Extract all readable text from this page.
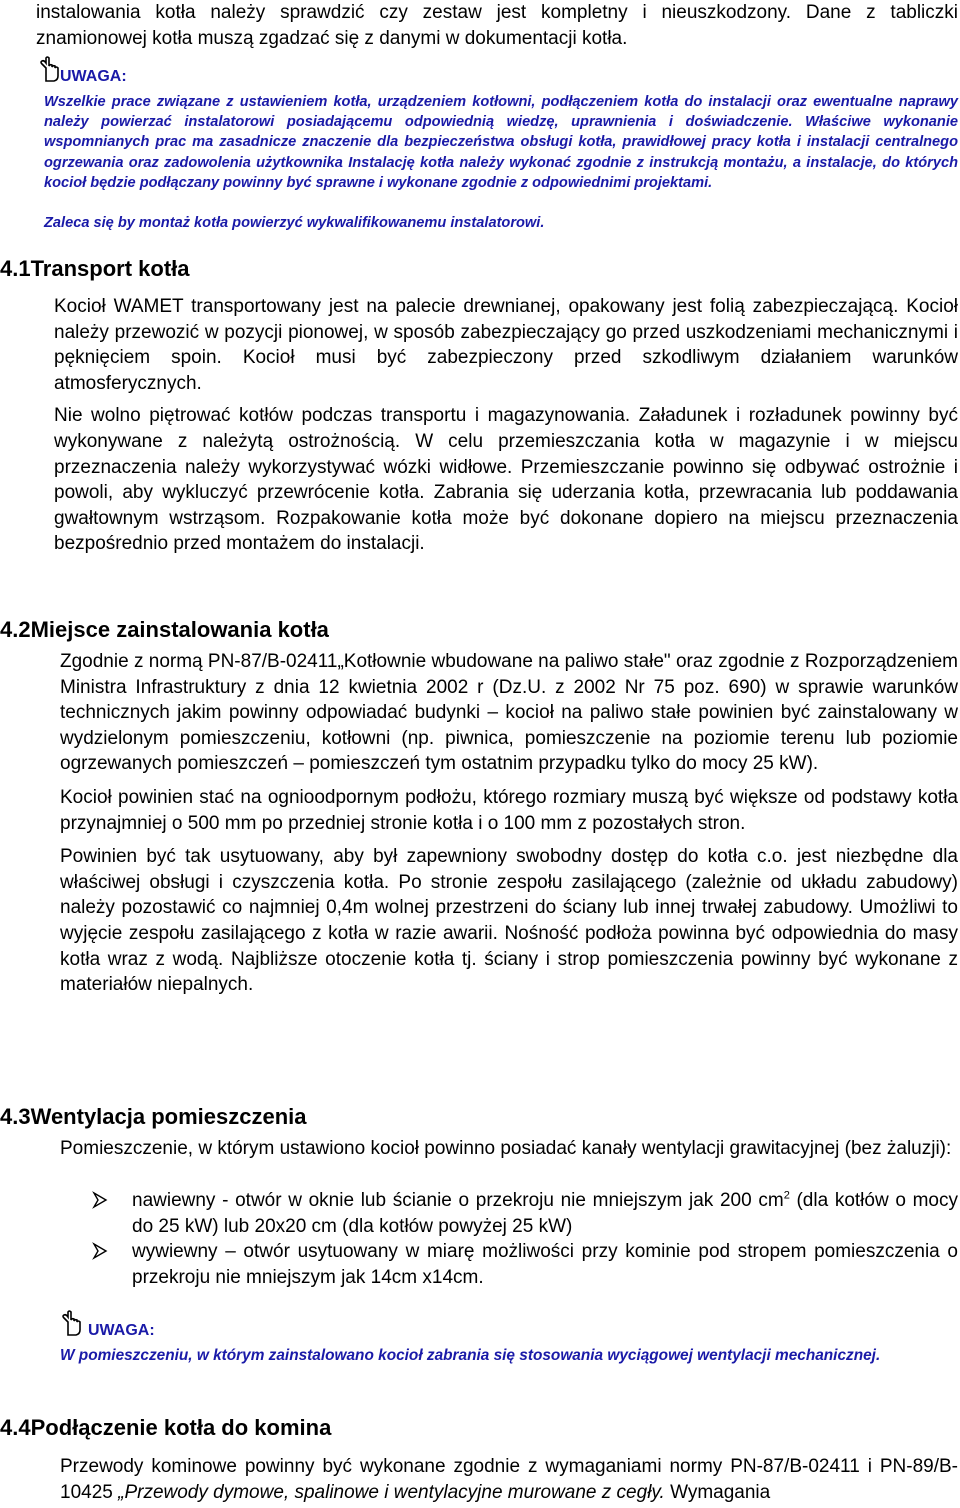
instalowania kotła należy sprawdzić czy zestaw jest kompletny i nieuszkodzony. Dane z tabliczki znamionowej kotła muszą zgadzać się z danymi w dokumentacji kotła.

UWAGA:

Wszelkie prace związane z ustawieniem kotła, urządzeniem kotłowni, podłączeniem kotła do instalacji oraz ewentualne naprawy należy powierzać instalatorowi posiadającemu odpowiednią wiedzę, uprawnienia i doświadczenie. Właściwe wykonanie wspomnianych prac ma zasadnicze znaczenie dla bezpieczeństwa obsługi kotła, prawidłowej pracy kotła i instalacji centralnego ogrzewania oraz zadowolenia użytkownika Instalację kotła należy wykonać zgodnie z instrukcją montażu, a instalacje, do których kocioł będzie podłączany powinny być sprawne i wykonane zgodnie z odpowiednimi projektami.

Zaleca się by montaż kotła powierzyć wykwalifikowanemu instalatorowi.

4.1Transport kotła

Kocioł WAMET transportowany jest na palecie drewnianej, opakowany jest folią zabezpieczającą. Kocioł należy przewozić w pozycji pionowej, w sposób zabezpieczający go przed uszkodzeniami mechanicznymi i pęknięciem spoin. Kocioł musi być zabezpieczony przed szkodliwym działaniem warunków atmosferycznych.

Nie wolno piętrować kotłów podczas transportu i magazynowania. Załadunek i rozładunek powinny być wykonywane z należytą ostrożnością. W celu przemieszczania kotła w magazynie i w miejscu przeznaczenia należy wykorzystywać wózki widłowe. Przemieszczanie powinno się odbywać ostrożnie i powoli, aby wykluczyć przewrócenie kotła. Zabrania się uderzania kotła, przewracania lub poddawania gwałtownym wstrząsom. Rozpakowanie kotła może być dokonane dopiero na miejscu przeznaczenia bezpośrednio przed montażem do instalacji.

4.2Miejsce zainstalowania kotła

Zgodnie z normą PN-87/B-02411„Kotłownie wbudowane na paliwo stałe" oraz zgodnie z Rozporządzeniem Ministra Infrastruktury z dnia 12 kwietnia 2002 r (Dz.U. z 2002 Nr 75 poz. 690) w sprawie warunków technicznych jakim powinny odpowiadać budynki – kocioł na paliwo stałe powinien być zainstalowany w wydzielonym pomieszczeniu, kotłowni (np. piwnica, pomieszczenie na poziomie terenu lub poziomie ogrzewanych pomieszczeń – pomieszczeń tym ostatnim przypadku tylko do mocy 25 kW).

Kocioł powinien stać na ognioodpornym podłożu, którego rozmiary muszą być większe od podstawy kotła przynajmniej o 500 mm po przedniej stronie kotła i o 100 mm z pozostałych stron.

Powinien być tak usytuowany, aby był zapewniony swobodny dostęp do kotła c.o. jest niezbędne dla właściwej obsługi i czyszczenia kotła. Po stronie zespołu zasilającego (zależnie od układu zabudowy) należy pozostawić co najmniej 0,4m wolnej przestrzeni do ściany lub innej trwałej zabudowy. Umożliwi to wyjęcie zespołu zasilającego z kotła w razie awarii. Nośność podłoża powinna być odpowiednia do masy kotła wraz z wodą. Najbliższe otoczenie kotła tj. ściany i strop pomieszczenia powinny być wykonane z materiałów niepalnych.

4.3Wentylacja pomieszczenia

Pomieszczenie, w którym ustawiono kocioł powinno posiadać kanały wentylacji grawitacyjnej (bez żaluzji):

nawiewny - otwór w oknie lub ścianie o przekroju nie mniejszym jak 200 $cm^2$ (dla kotłów o mocy do 25 kW) lub 20x20 cm (dla kotłów powyżej 25 kW)
wywiewny – otwór usytuowany w miarę możliwości przy kominie pod stropem pomieszczenia o przekroju nie mniejszym jak 14cm x14cm.
UWAGA:

W pomieszczeniu, w którym zainstalowano kocioł zabrania się stosowania wyciągowej wentylacji mechanicznej.

4.4Podłączenie kotła do komina

Przewody kominowe powinny być wykonane zgodnie z wymaganiami normy PN-87/B-02411 i PN-89/B-10425 „Przewody dymowe, spalinowe i wentylacyjne murowane z cegły. Wymagania
